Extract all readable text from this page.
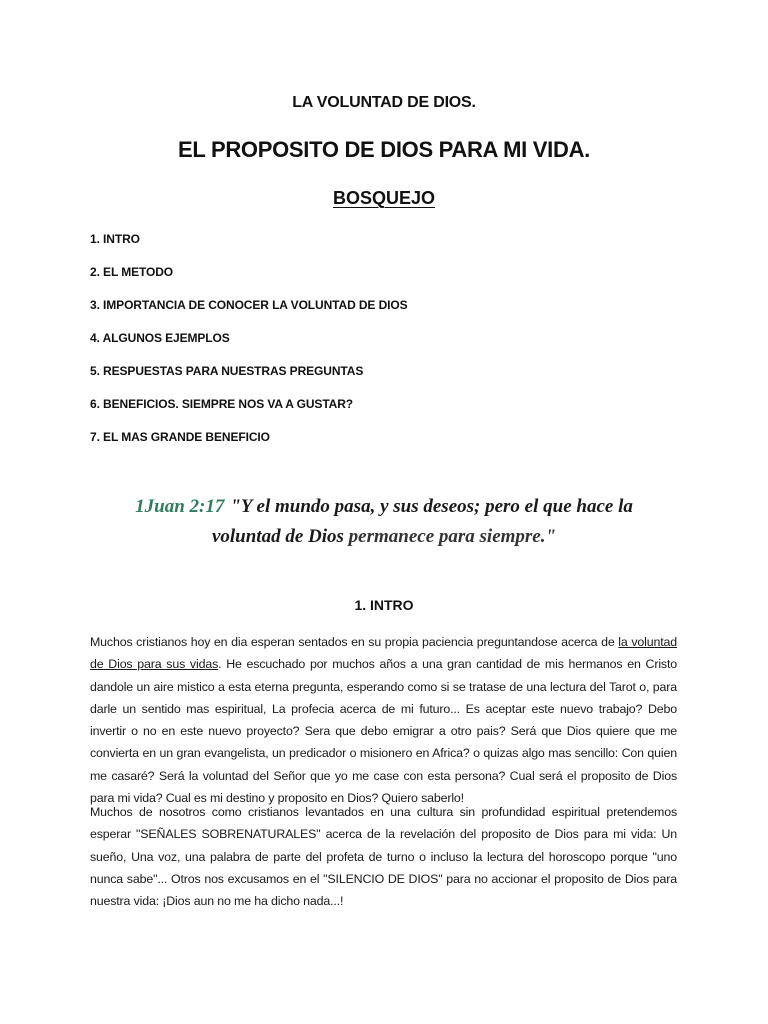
LA VOLUNTAD DE DIOS.
EL PROPOSITO DE DIOS PARA MI VIDA.
BOSQUEJO
1. INTRO
2. EL METODO
3. IMPORTANCIA DE CONOCER LA VOLUNTAD DE DIOS
4. ALGUNOS EJEMPLOS
5. RESPUESTAS PARA NUESTRAS PREGUNTAS
6. BENEFICIOS. SIEMPRE NOS VA A GUSTAR?
7. EL MAS GRANDE BENEFICIO
1Juan 2:17 "Y el mundo pasa, y sus deseos; pero el que hace la
voluntad de Dios permanece para siempre."
1. INTRO

Muchos cristianos hoy en dia esperan sentados en su propia paciencia preguntandose acerca de la voluntad de Dios para sus vidas. He escuchado por muchos años a una gran cantidad de mis hermanos en Cristo dandole un aire mistico a esta eterna pregunta, esperando como si se tratase de una lectura del Tarot o, para darle un sentido mas espiritual, La profecia acerca de mi futuro... Es aceptar este nuevo trabajo? Debo invertir o no en este nuevo proyecto? Sera que debo emigrar a otro pais? Será que Dios quiere que me convierta en un gran evangelista, un predicador o misionero en Africa? o quizas algo mas sencillo: Con quien me casaré? Será la voluntad del Señor que yo me case con esta persona? Cual será el proposito de Dios para mi vida? Cual es mi destino y proposito en Dios? Quiero saberlo!

Muchos de nosotros como cristianos levantados en una cultura sin profundidad espiritual pretendemos esperar "SEÑALES SOBRENATURALES" acerca de la revelación del proposito de Dios para mi vida: Un sueño, Una voz, una palabra de parte del profeta de turno o incluso la lectura del horoscopo porque "uno nunca sabe"... Otros nos excusamos en el "SILENCIO DE DIOS" para no accionar el proposito de Dios para nuestra vida: ¡Dios aun no me ha dicho nada...!
